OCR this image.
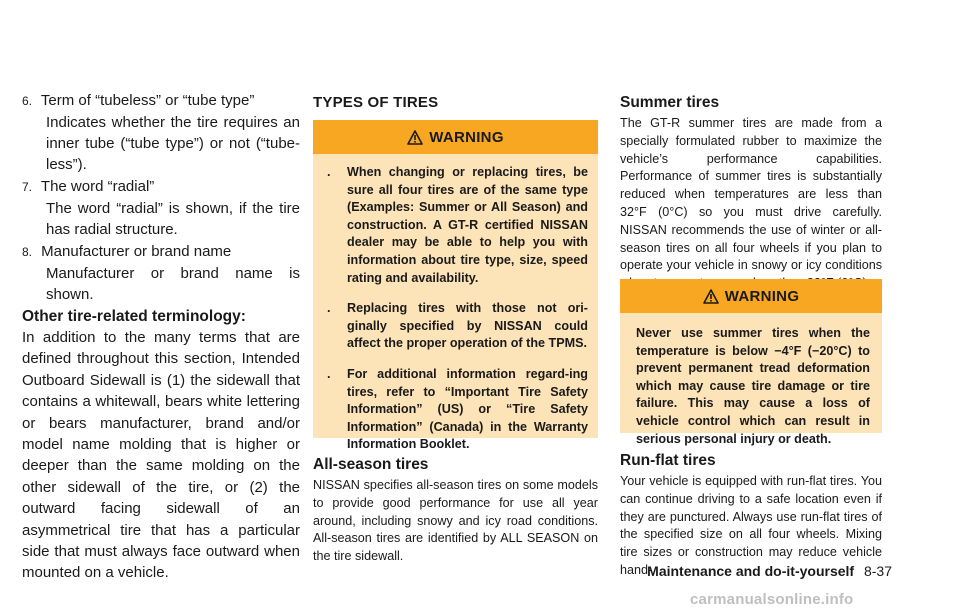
6. Term of “tubeless” or “tube type”
Indicates whether the tire requires an inner tube (“tube type”) or not (“tube-less”).
7. The word “radial”
The word “radial” is shown, if the tire has radial structure.
8. Manufacturer or brand name
Manufacturer or brand name is shown.
Other tire-related terminology:
In addition to the many terms that are defined throughout this section, Intended Outboard Sidewall is (1) the sidewall that contains a whitewall, bears white lettering or bears manufacturer, brand and/or model name molding that is higher or deeper than the same molding on the other sidewall of the tire, or (2) the outward facing sidewall of an asymmetrical tire that has a particular side that must always face outward when mounted on a vehicle.
TYPES OF TIRES
WARNING
.	When changing or replacing tires, be sure all four tires are of the same type (Examples: Summer or All Season) and construction. A GT-R certified NISSAN dealer may be able to help you with information about tire type, size, speed rating and availability.
.	Replacing tires with those not ori-ginally specified by NISSAN could affect the proper operation of the TPMS.
.	For additional information regard-ing tires, refer to “Important Tire Safety Information” (US) or “Tire Safety Information” (Canada) in the Warranty Information Booklet.
All-season tires
NISSAN specifies all-season tires on some models to provide good performance for use all year around, including snowy and icy road conditions. All-season tires are identified by ALL SEASON on the tire sidewall.
Summer tires
The GT-R summer tires are made from a specially formulated rubber to maximize the vehicle’s performance capabilities. Performance of summer tires is substantially reduced when temperatures are less than 32°F (0°C) so you must drive carefully. NISSAN recommends the use of winter or all-season tires on all four wheels if you plan to operate your vehicle in snowy or icy conditions
WARNING
Never use summer tires when the temperature is below −4°F (−20°C) to prevent permanent tread deformation which may cause tire damage or tire failure. This may cause a loss of vehicle control which can result in serious personal injury or death.
Run-flat tires
Your vehicle is equipped with run-flat tires. You can continue driving to a safe location even if they are punctured. Always use run-flat tires of the specified size on all four wheels. Mixing tire sizes or construction may reduce vehicle hand-
Maintenance and do-it-yourself 8-37
carmanualsonline.info
